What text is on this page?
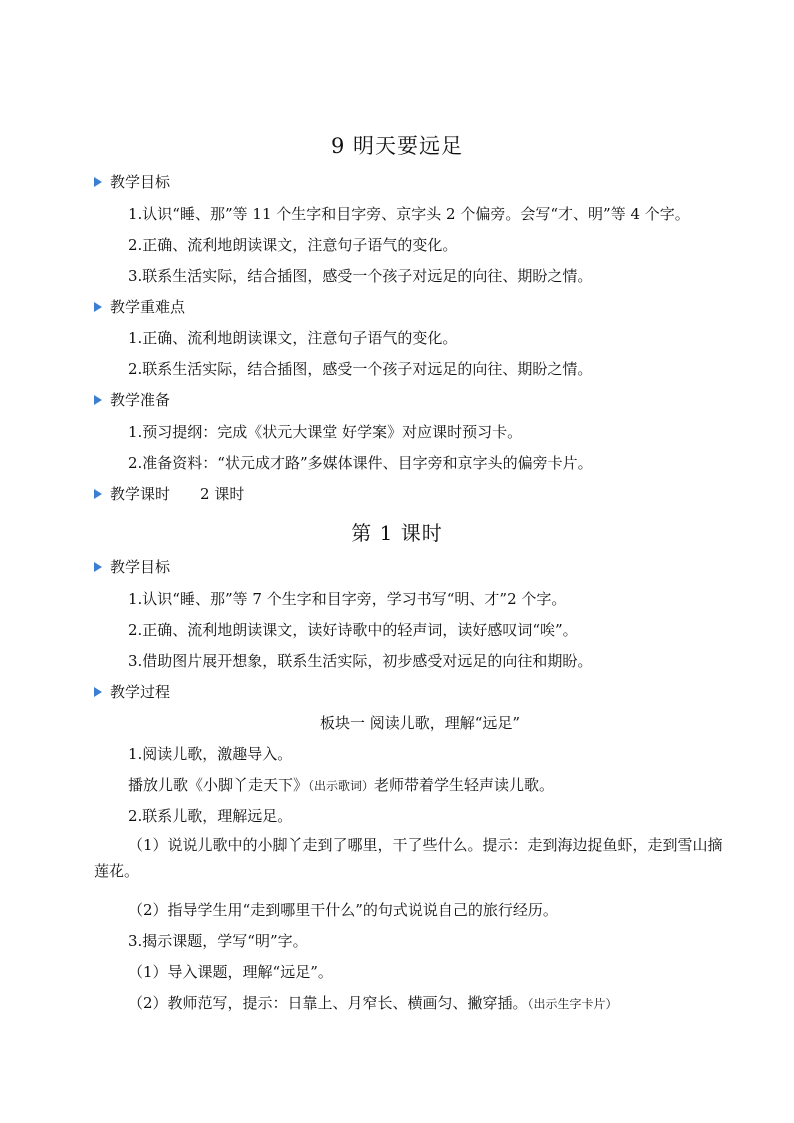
9 明天要远足
教学目标
1.认识“睡、那”等 11 个生字和目字旁、京字头 2 个偏旁。会写“才、明”等 4 个字。
2.正确、流利地朗读课文，注意句子语气的变化。
3.联系生活实际，结合插图，感受一个孩子对远足的向往、期盼之情。
教学重难点
1.正确、流利地朗读课文，注意句子语气的变化。
2.联系生活实际，结合插图，感受一个孩子对远足的向往、期盼之情。
教学准备
1.预习提纲：完成《状元大课堂 好学案》对应课时预习卡。
2.准备资料：“状元成才路”多媒体课件、目字旁和京字头的偏旁卡片。
教学课时 2 课时
第 1 课时
教学目标
1.认识“睡、那”等 7 个生字和目字旁，学习书写“明、才”2 个字。
2.正确、流利地朗读课文，读好诗歌中的轻声词，读好感叹词“唉”。
3.借助图片展开想象，联系生活实际，初步感受对远足的向往和期盼。
教学过程
板块一 阅读儿歌，理解“远足”
1.阅读儿歌，激趣导入。
播放儿歌《小脚丫走天下》（出示歌词）老师带着学生轻声读儿歌。
2.联系儿歌，理解远足。
（1）说说儿歌中的小脚丫走到了哪里，干了些什么。提示：走到海边捉鱼虾，走到雪山摘莲花。
（2）指导学生用“走到哪里干什么”的句式说说自己的旅行经历。
3.揭示课题，学写“明”字。
（1）导入课题，理解“远足”。
（2）教师范写，提示：日靠上、月窄长、横画匀、撇穿插。（出示生字卡片）
